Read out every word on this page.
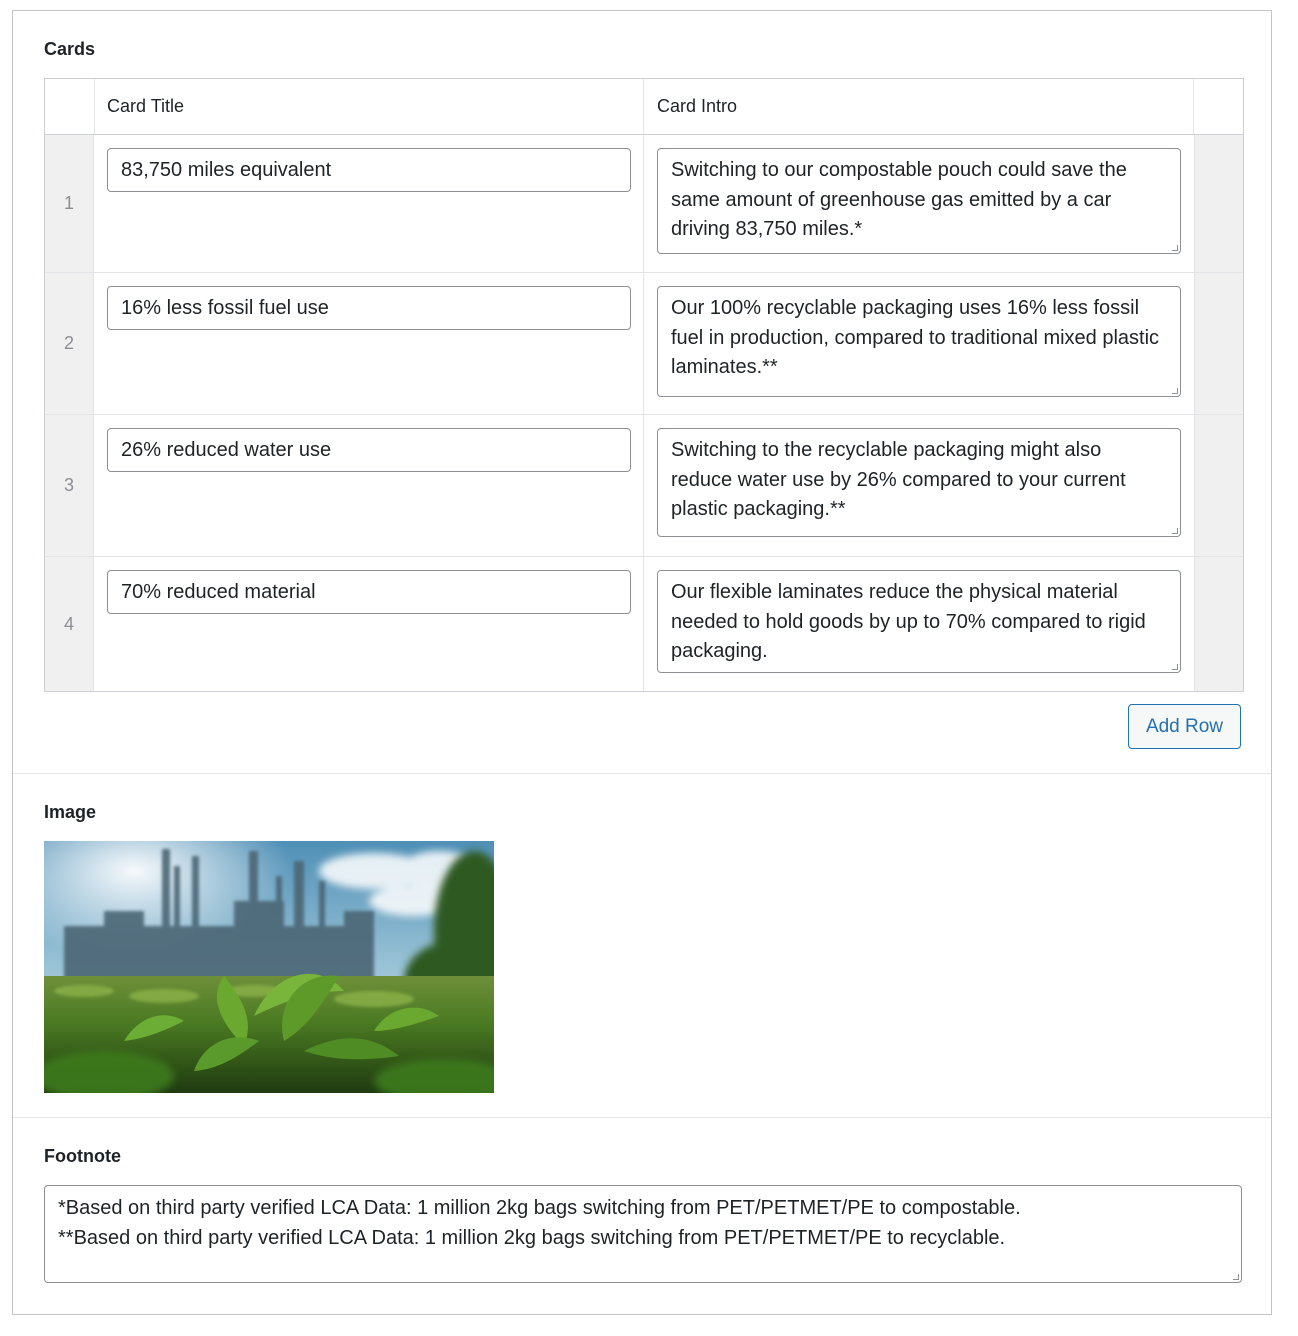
Cards
Card Title	Card Intro
1
83,750 miles equivalent	Switching to our compostable pouch could save the same amount of greenhouse gas emitted by a car driving 83,750 miles.*
2
16% less fossil fuel use	Our 100% recyclable packaging uses 16% less fossil fuel in production, compared to traditional mixed plastic laminates.**
3
26% reduced water use	Switching to the recyclable packaging might also reduce water use by 26% compared to your current plastic packaging.**
4
70% reduced material	Our flexible laminates reduce the physical material needed to hold goods by up to 70% compared to rigid packaging.
Add Row
Image
Footnote
*Based on third party verified LCA Data: 1 million 2kg bags switching from PET/PETMET/PE to compostable.
**Based on third party verified LCA Data: 1 million 2kg bags switching from PET/PETMET/PE to recyclable.
